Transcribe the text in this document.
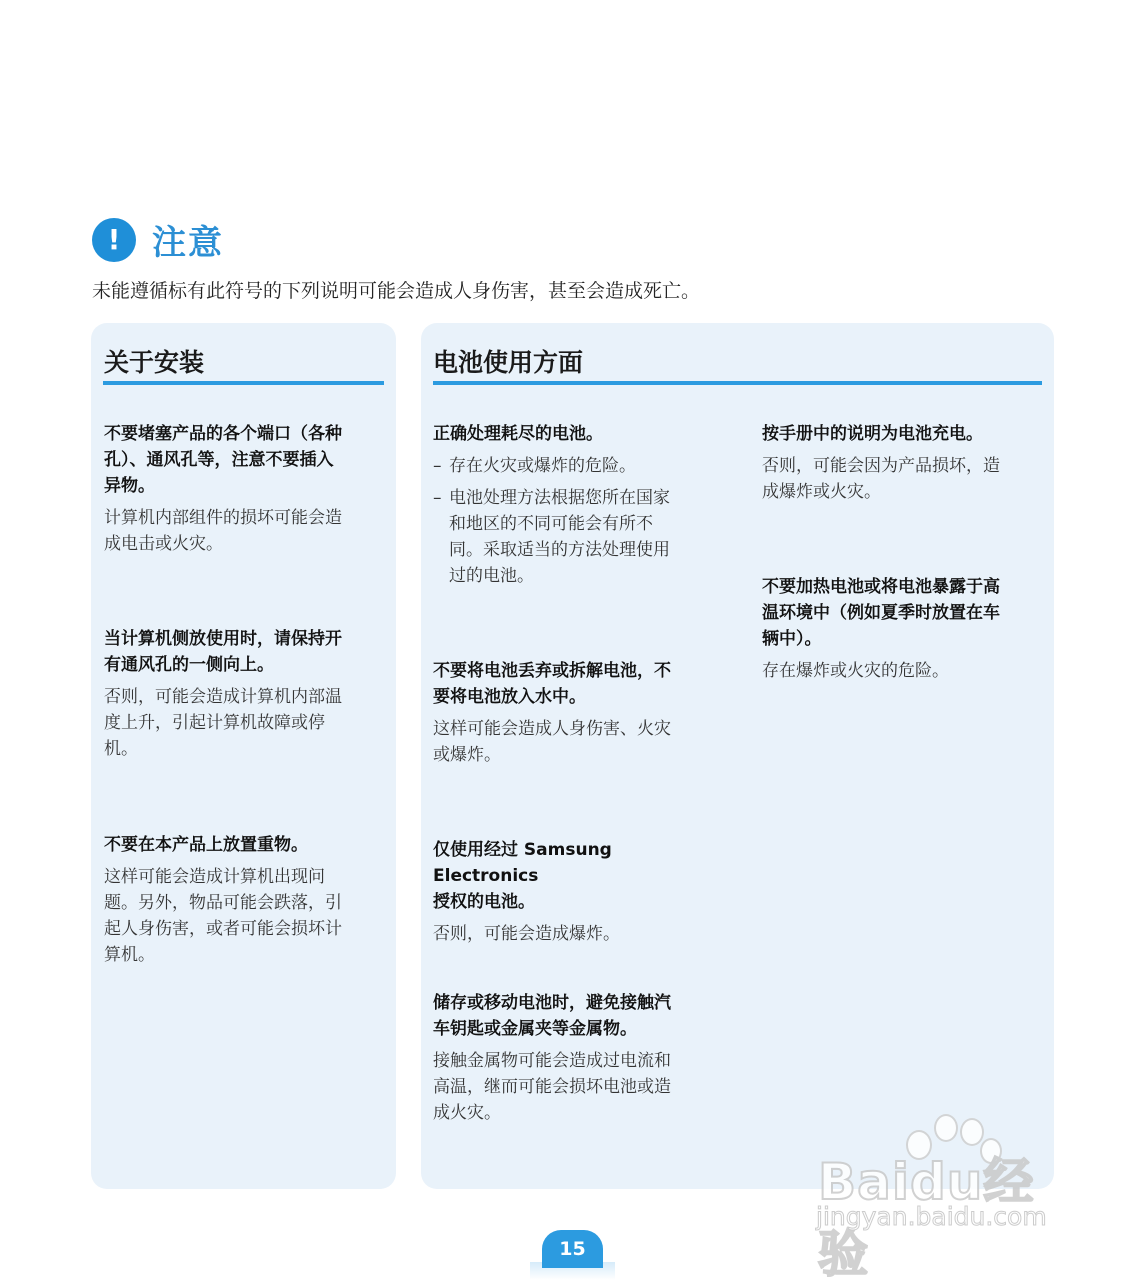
! 注意
未能遵循标有此符号的下列说明可能会造成人身伤害，甚至会造成死亡。
关于安装
不要堵塞产品的各个端口（各种
孔）、通风孔等，注意不要插入
异物。
计算机内部组件的损坏可能会造
成电击或火灾。
当计算机侧放使用时，请保持开
有通风孔的一侧向上。
否则，可能会造成计算机内部温
度上升，引起计算机故障或停
机。
不要在本产品上放置重物。
这样可能会造成计算机出现问
题。另外，物品可能会跌落，引
起人身伤害，或者可能会损坏计
算机。
电池使用方面
正确处理耗尽的电池。
– 存在火灾或爆炸的危险。
– 电池处理方法根据您所在国家
和地区的不同可能会有所不
同。采取适当的方法处理使用
过的电池。
不要将电池丢弃或拆解电池，不
要将电池放入水中。
这样可能会造成人身伤害、火灾
或爆炸。
仅使用经过 Samsung Electronics
授权的电池。
否则，可能会造成爆炸。
储存或移动电池时，避免接触汽
车钥匙或金属夹等金属物。
接触金属物可能会造成过电流和
高温，继而可能会损坏电池或造
成火灾。
按手册中的说明为电池充电。
否则，可能会因为产品损坏，造
成爆炸或火灾。
不要加热电池或将电池暴露于高
温环境中（例如夏季时放置在车
辆中）。
存在爆炸或火灾的危险。
Baidu经验
jingyan.baidu.com
15
